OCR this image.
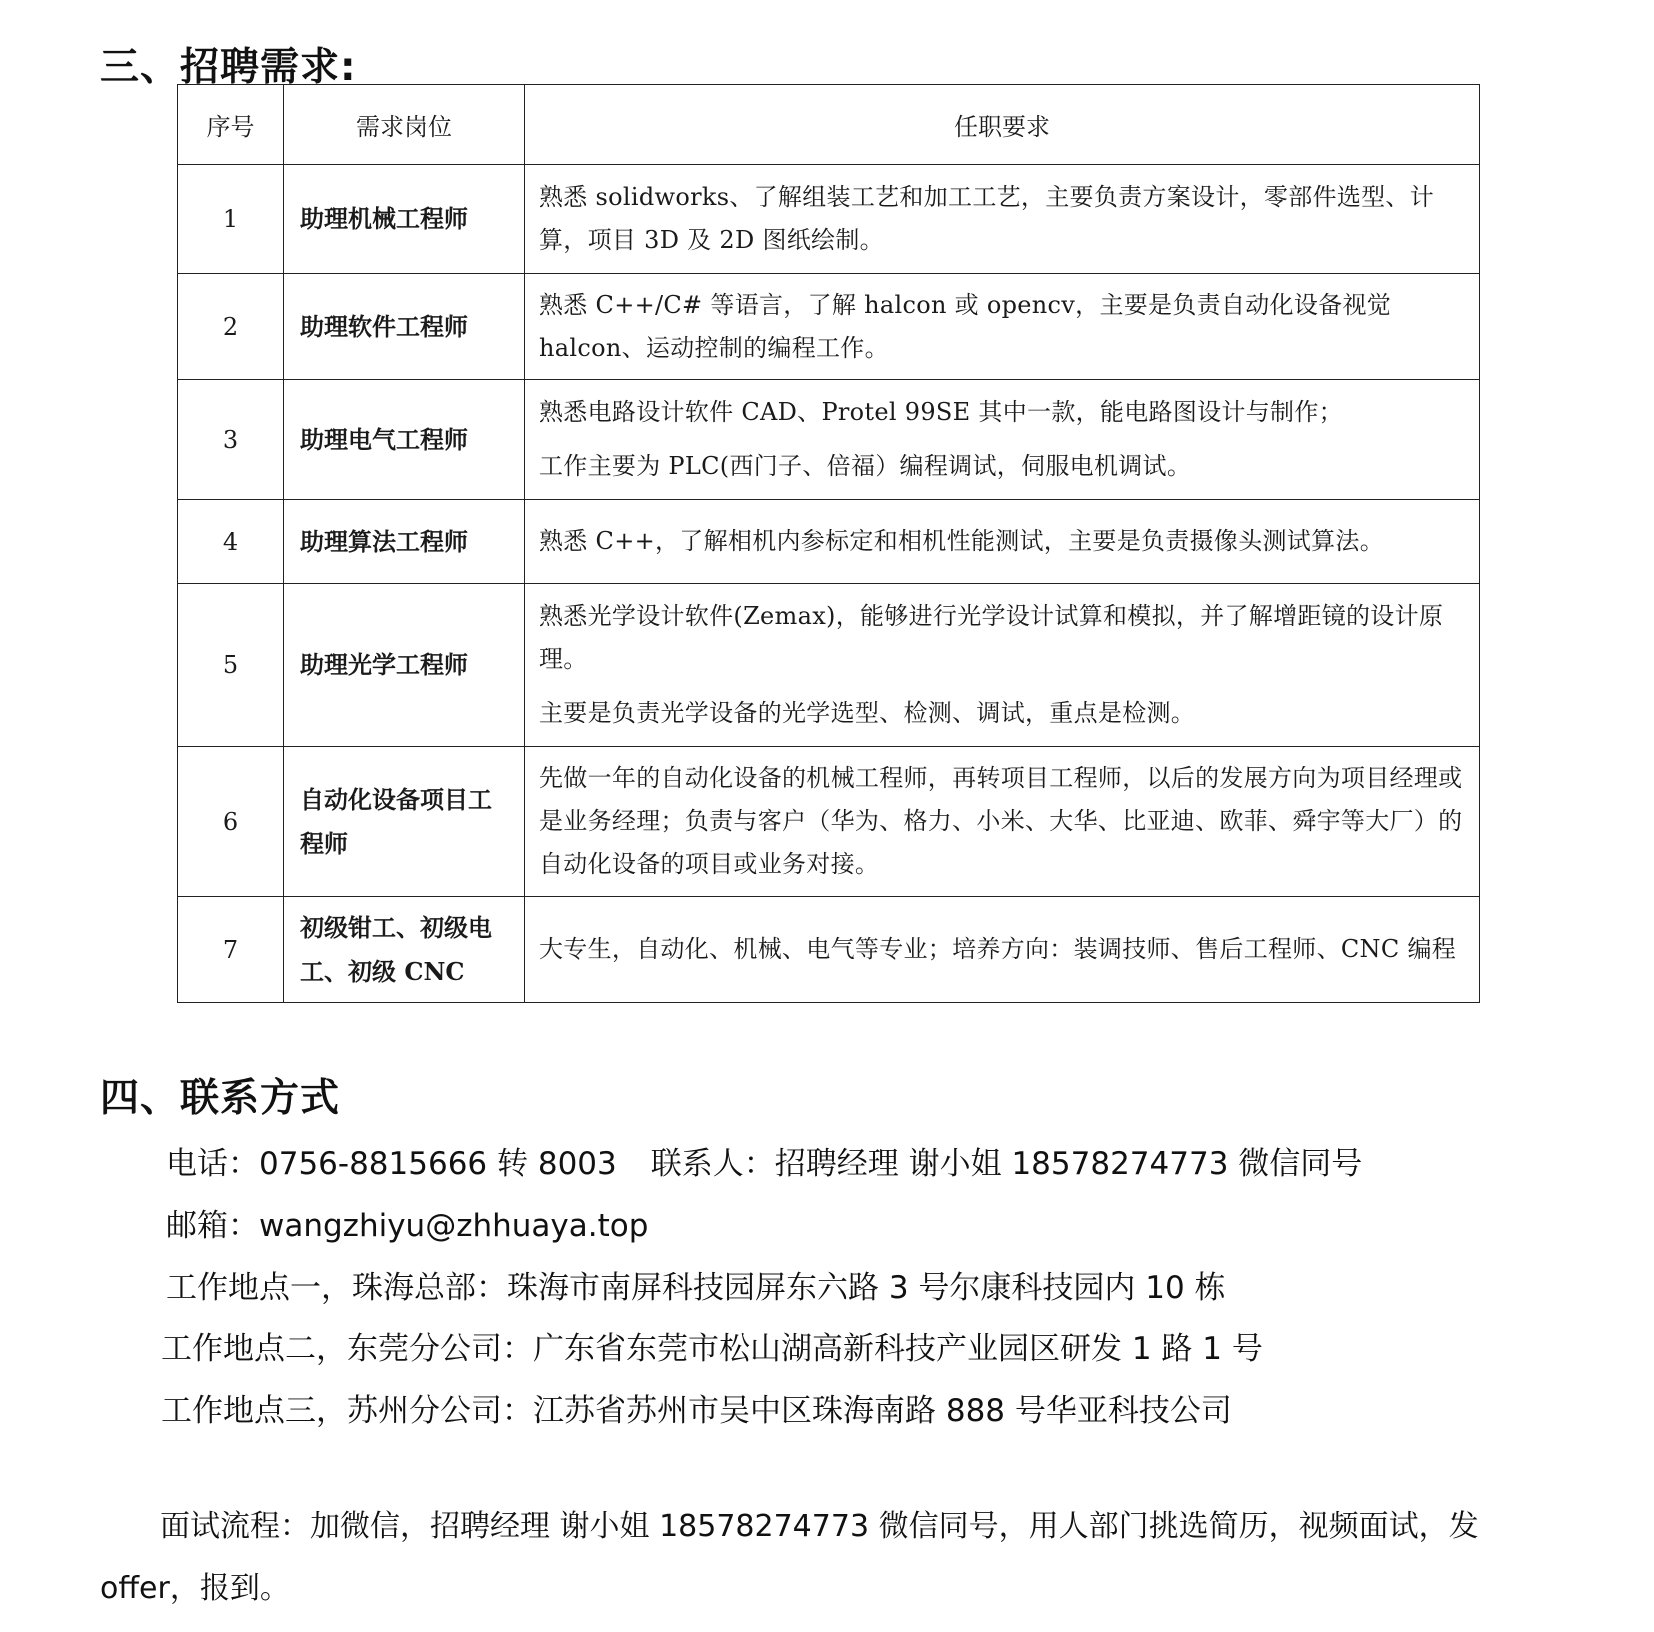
三、招聘需求:
序号	需求岗位	任职要求
1	助理机械工程师	熟悉 solidworks、了解组装工艺和加工工艺，主要负责方案设计，零部件选型、计算，项目 3D 及 2D 图纸绘制。

2	助理软件工程师	熟悉 C++/C# 等语言，了解 halcon 或 opencv，主要是负责自动化设备视觉halcon、运动控制的编程工作。

3	助理电气工程师	熟悉电路设计软件 CAD、Protel 99SE 其中一款，能电路图设计与制作；

工作主要为 PLC(西门子、倍福）编程调试，伺服电机调试。

4	助理算法工程师	熟悉 C++，了解相机内参标定和相机性能测试，主要是负责摄像头测试算法。

5	助理光学工程师	熟悉光学设计软件(Zemax)，能够进行光学设计试算和模拟，并了解增距镜的设计原理。

主要是负责光学设备的光学选型、检测、调试，重点是检测。

6	自动化设备项目工程师	先做一年的自动化设备的机械工程师，再转项目工程师，以后的发展方向为项目经理或是业务经理；负责与客户（华为、格力、小米、大华、比亚迪、欧菲、舜宇等大厂）的自动化设备的项目或业务对接。

7	初级钳工、初级电工、初级 CNC	大专生，自动化、机械、电气等专业；培养方向：装调技师、售后工程师、CNC 编程

四、联系方式
电话：0756-8815666 转 8003 联系人：招聘经理 谢小姐 18578274773 微信同号
邮箱：wangzhiyu@zhhuaya.top
工作地点一，珠海总部：珠海市南屏科技园屏东六路 3 号尔康科技园内 10 栋
工作地点二，东莞分公司：广东省东莞市松山湖高新科技产业园区研发 1 路 1 号
工作地点三，苏州分公司：江苏省苏州市吴中区珠海南路 888 号华亚科技公司

面试流程：加微信，招聘经理 谢小姐 18578274773 微信同号，用人部门挑选简历，视频面试，发 offer，报到。
